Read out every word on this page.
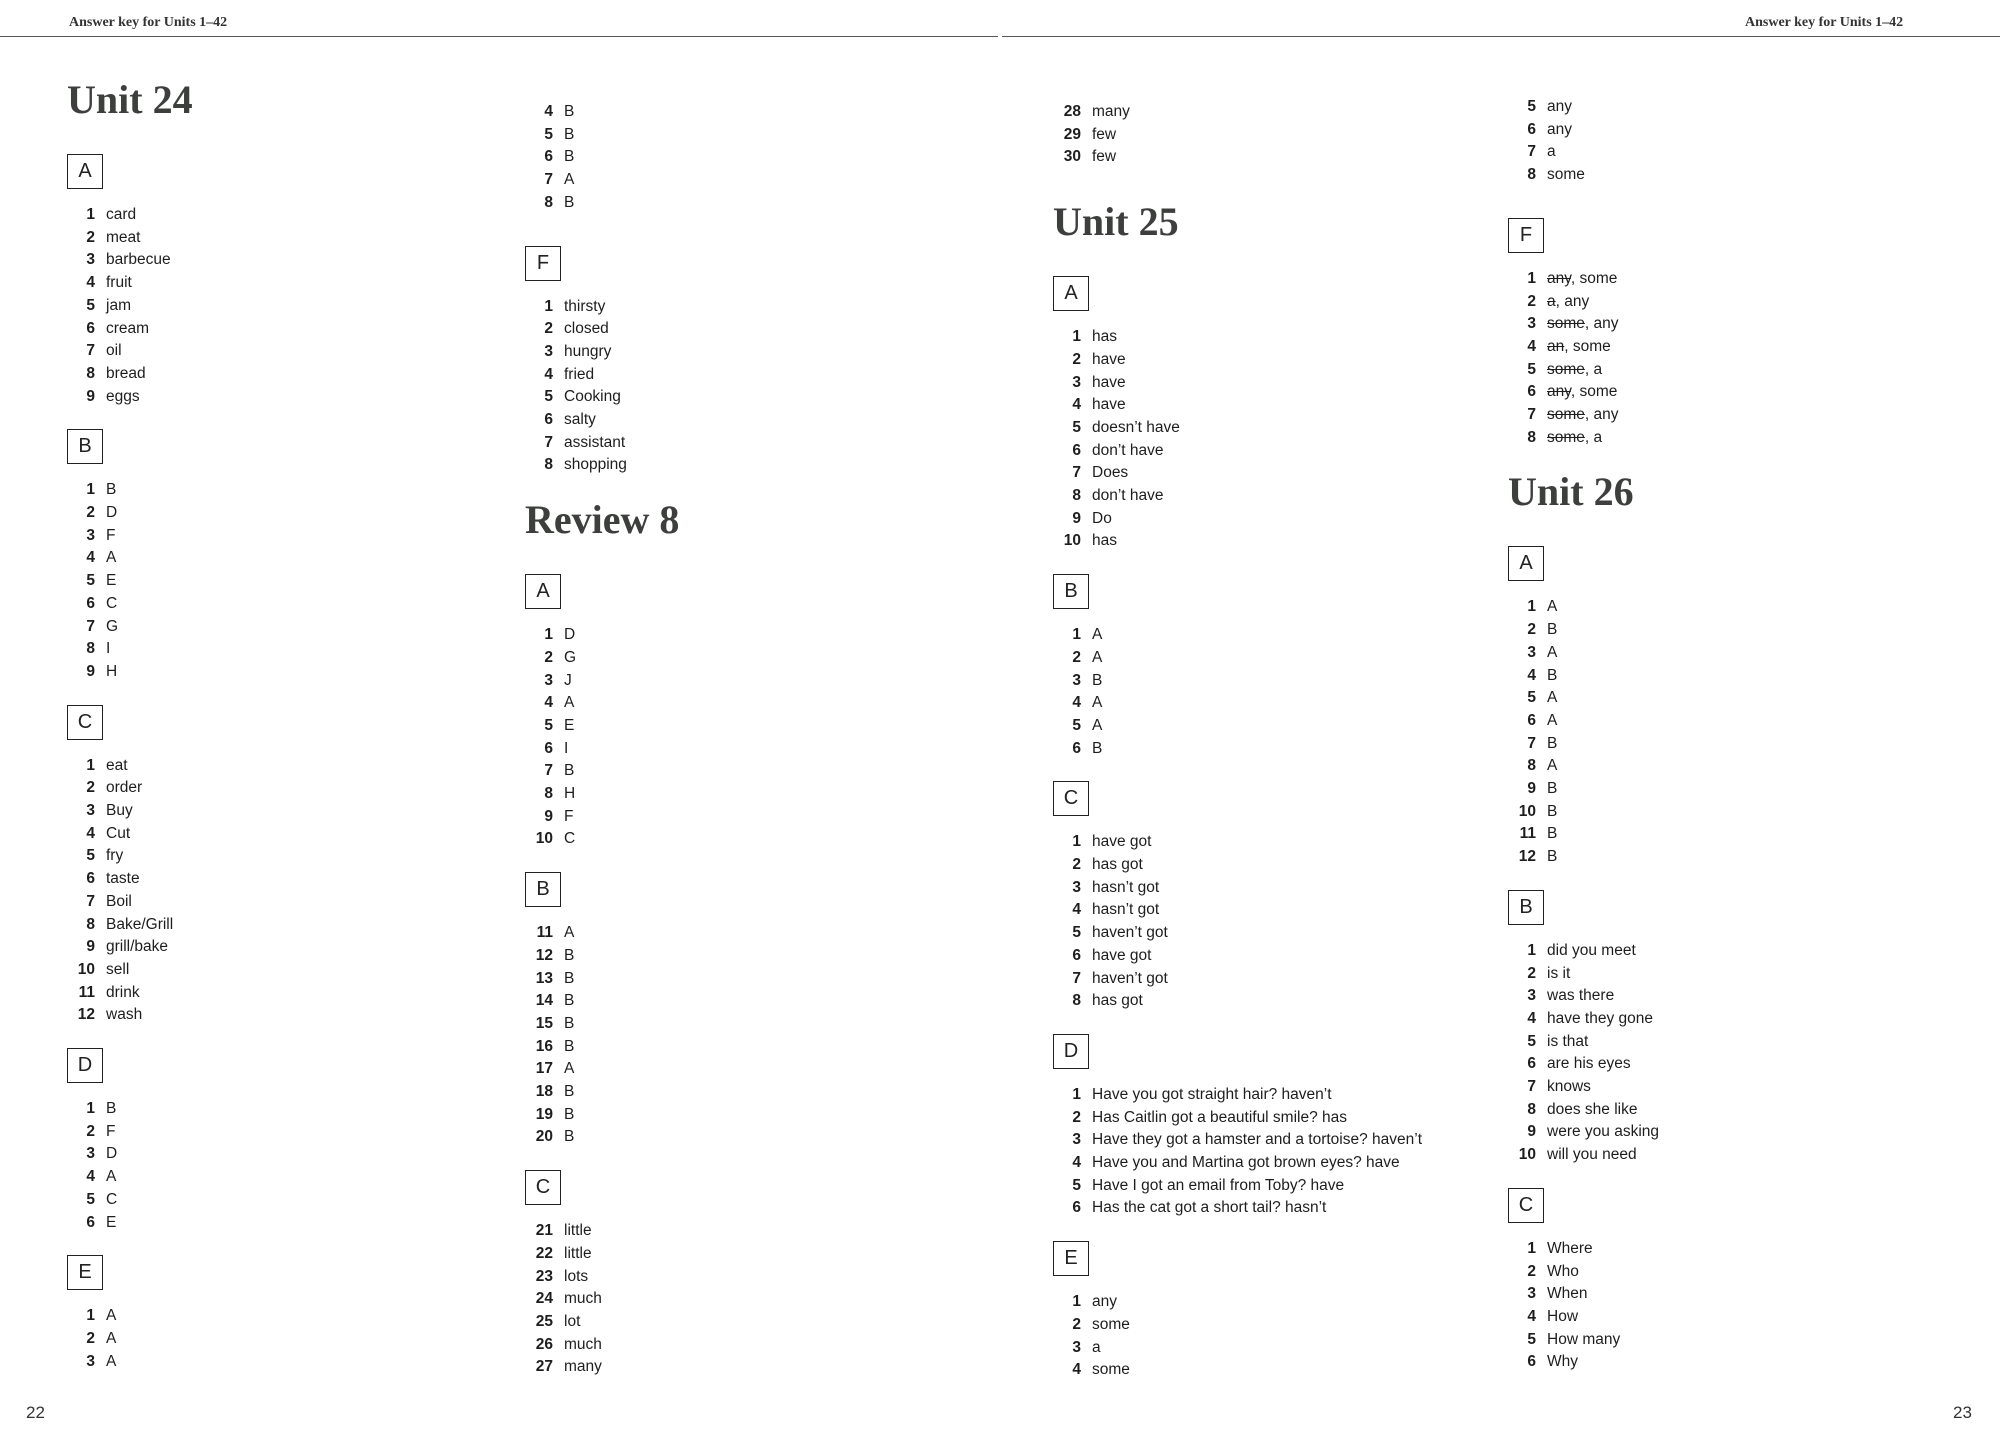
Answer key for Units 1–42	Answer key for Units 1–42
Unit 24
A
1 card
2 meat
3 barbecue
4 fruit
5 jam
6 cream
7 oil
8 bread
9 eggs
B
1 B
2 D
3 F
4 A
5 E
6 C
7 G
8 I
9 H
C
1 eat
2 order
3 Buy
4 Cut
5 fry
6 taste
7 Boil
8 Bake/Grill
9 grill/bake
10 sell
11 drink
12 wash
D
1 B
2 F
3 D
4 A
5 C
6 E
E
1 A
2 A
3 A
4 B
5 B
6 B
7 A
8 B
F
1 thirsty
2 closed
3 hungry
4 fried
5 Cooking
6 salty
7 assistant
8 shopping
Review 8
A
1 D
2 G
3 J
4 A
5 E
6 I
7 B
8 H
9 F
10 C
B
11 A
12 B
13 B
14 B
15 B
16 B
17 A
18 B
19 B
20 B
C
21 little
22 little
23 lots
24 much
25 lot
26 much
27 many
28 many
29 few
30 few
Unit 25
A
1 has
2 have
3 have
4 have
5 doesn’t have
6 don’t have
7 Does
8 don’t have
9 Do
10 has
B
1 A
2 A
3 B
4 A
5 A
6 B
C
1 have got
2 has got
3 hasn’t got
4 hasn’t got
5 haven’t got
6 have got
7 haven’t got
8 has got
D
1 Have you got straight hair? haven’t
2 Has Caitlin got a beautiful smile? has
3 Have they got a hamster and a tortoise? haven’t
4 Have you and Martina got brown eyes? have
5 Have I got an email from Toby? have
6 Has the cat got a short tail? hasn’t
E
1 any
2 some
3 a
4 some
5 any
6 any
7 a
8 some
F
1 any, some
2 a, any
3 some, any
4 an, some
5 some, a
6 any, some
7 some, any
8 some, a
Unit 26
A
1 A
2 B
3 A
4 B
5 A
6 A
7 B
8 A
9 B
10 B
11 B
12 B
B
1 did you meet
2 is it
3 was there
4 have they gone
5 is that
6 are his eyes
7 knows
8 does she like
9 were you asking
10 will you need
C
1 Where
2 Who
3 When
4 How
5 How many
6 Why
22	23
